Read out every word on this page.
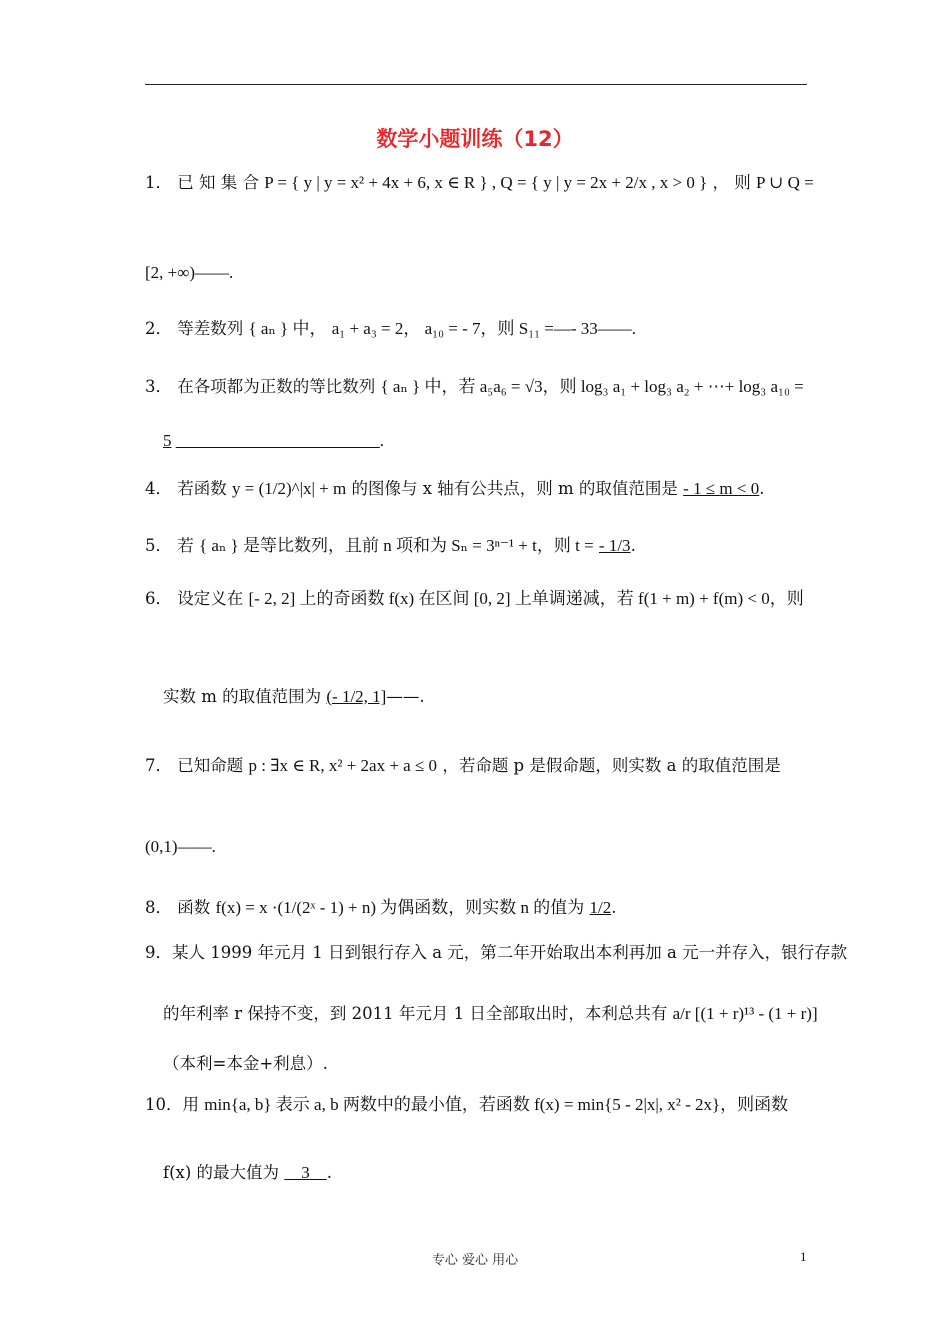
数学小题训练（12）
1． 已 知 集 合 P = { y | y = x² + 4x + 6, x ∈ R } , Q = { y | y = 2x + 2/x , x > 0 } ， 则 P ∪ Q =
[2, +∞)——.
2． 等差数列 { aₙ } 中， a₁ + a₃ = 2， a₁₀ = - 7，则 S₁₁ =—- 33——.
3． 在各项都为正数的等比数列 { aₙ } 中，若 a₅a₆ = √3，则 log₃ a₁ + log₃ a₂ + ⋯+ log₃ a₁₀ =
5             	.
4． 若函数 y = (1/2)^|x| + m 的图像与 x 轴有公共点，则 m 的取值范围是 - 1 ≤ m < 0.
5． 若 { aₙ } 是等比数列，且前 n 项和为 Sₙ = 3ⁿ⁻¹ + t，则 t = - 1/3.
6． 设定义在 [- 2, 2] 上的奇函数 f(x) 在区间 [0, 2] 上单调递减，若 f(1 + m) + f(m) < 0，则
实数 m 的取值范围为 (- 1/2, 1]——.
7． 已知命题 p : ∃x ∈ R, x² + 2ax + a ≤ 0 ，若命题 p 是假命题，则实数 a 的取值范围是
(0,1)——.
8． 函数 f(x) = x ·(1/(2ˣ - 1) + n) 为偶函数，则实数 n 的值为 1/2.
9．某人 1999 年元月 1 日到银行存入 a 元，第二年开始取出本利再加 a 元一并存入，银行存款
的年利率 r 保持不变，到 2011 年元月 1 日全部取出时，本利总共有 a/r [(1 + r)¹³ - (1 + r)]
（本利=本金+利息）.
10．用 min{a, b} 表示 a, b 两数中的最小值，若函数 f(x) = min{5 - 2|x|, x² - 2x}，则函数
f(x) 的最大值为    3   .
专心 爱心 用心	1
